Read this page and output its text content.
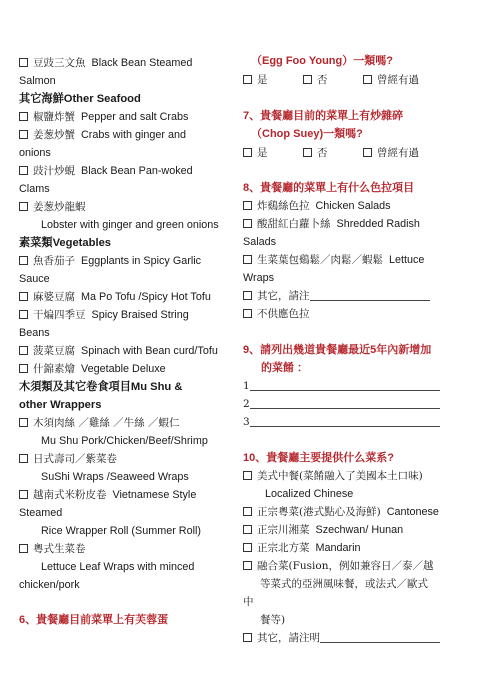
豆豉三文魚 Black Bean Steamed
Salmon
其它海鮮Other Seafood
椒鹽炸蟹 Pepper and salt Crabs
姜葱炒蟹 Crabs with ginger and
onions
豉汁炒蜆 Black Bean Pan-woked
Clams
姜葱炒龍蝦
Lobster with ginger and green onions
素菜類Vegetables
魚香茄子 Eggplants in Spicy Garlic
Sauce
麻婆豆腐 Ma Po Tofu /Spicy Hot Tofu
干煸四季豆 Spicy Braised String
Beans
菠菜豆腐 Spinach with Bean curd/Tofu
什錦素燴 Vegetable Deluxe
木須類及其它卷食項目Mu Shu &
other Wrappers
木須肉絲 ／雞絲 ／牛絲 ／蝦仁
Mu Shu Pork/Chicken/Beef/Shrimp
日式壽司／紫菜卷
SuShi Wraps /Seaweed Wraps
越南式米粉皮卷 Vietnamese Style
Steamed
Rice Wrapper Roll (Summer Roll)
粵式生菜卷
Lettuce Leaf Wraps with minced
chicken/pork
6、貴餐廳目前菜單上有芙蓉蛋
（Egg Foo Young）一類嗎?
是	否	曾經有過
7、貴餐廳目前的菜單上有炒雜碎
（Chop Suey)一類嗎?
是	否	曾經有過
8、貴餐廳的菜單上有什么色拉項目
炸鷄絲色拉 Chicken Salads
酸甜紅白蘿卜絲 Shredded Radish
Salads
生菜葉包鷄鬆／肉鬆／蝦鬆 Lettuce
Wraps
其它，請注
不供應色拉
9、請列出幾道貴餐廳最近5年內新增加
的菜餚 ：
1
2
3
10、貴餐廳主要提供什么菜系?
美式中餐(菜餚融入了美國本土口味)
Localized Chinese
正宗粵菜(港式點心及海鮮) Cantonese
正宗川湘菜 Szechwan/ Hunan
正宗北方菜 Mandarin
融合菜(Fusion，例如兼容日／泰／越
等菜式的亞洲風味餐，或法式／歐式
中
餐等)
其它，請注明
